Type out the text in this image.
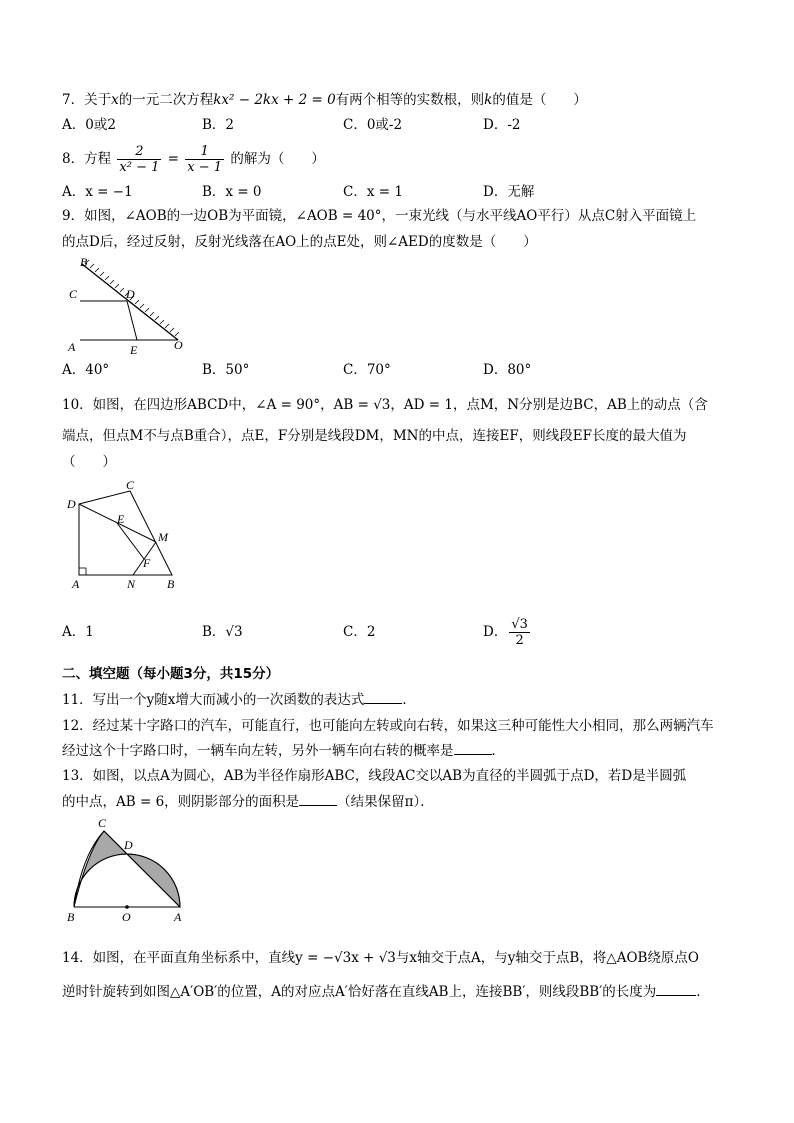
7．关于x的一元二次方程kx² − 2kx + 2 = 0有两个相等的实数根，则k的值是（　　）
A．0或2	B．2	C．0或-2	D．-2
8．方程 $\frac{2}{\text{x² − 1}} = \frac{1}{x - 1}$ 的解为（　　）
A．x = −1	B．x = 0	C．x = 1	D．无解
9．如图，∠AOB的一边OB为平面镜，∠AOB = 40°，一束光线（与水平线AO平行）从点C射入平面镜上
的点D后，经过反射，反射光线落在AO上的点E处，则∠AED的度数是（　　）
B
C	D
A	E	O
A．40°	B．50°	C．70°	D．80°
10．如图，在四边形ABCD中，∠A = 90°，AB = √3，AD = 1，点M，N分别是边BC，AB上的动点（含
端点，但点M不与点B重合），点E，F分别是线段DM，MN的中点，连接EF，则线段EF长度的最大值为
（　　）
D
C
E
M
F
A	N	B
A．1	B．√3	C．2	D． $\frac{√3}{2}$
二、填空题（每小题3分，共15分）
11．写出一个y随x增大而减小的一次函数的表达式	．
12．经过某十字路口的汽车，可能直行，也可能向左转或向右转，如果这三种可能性大小相同，那么两辆汽车
经过这个十字路口时，一辆车向左转，另外一辆车向右转的概率是	．
13．如图，以点A为圆心，AB为半径作扇形ABC，线段AC交以AB为直径的半圆弧于点D，若D是半圆弧
的中点，AB = 6，则阴影部分的面积是	（结果保留π）．
C
D
B	O	A
14．如图，在平面直角坐标系中，直线y = −√3x + √3与x轴交于点A，与y轴交于点B，将△AOB绕原点O
逆时针旋转到如图△A′OB′的位置，A的对应点A′恰好落在直线AB上，连接BB′，则线段BB′的长度为	．
